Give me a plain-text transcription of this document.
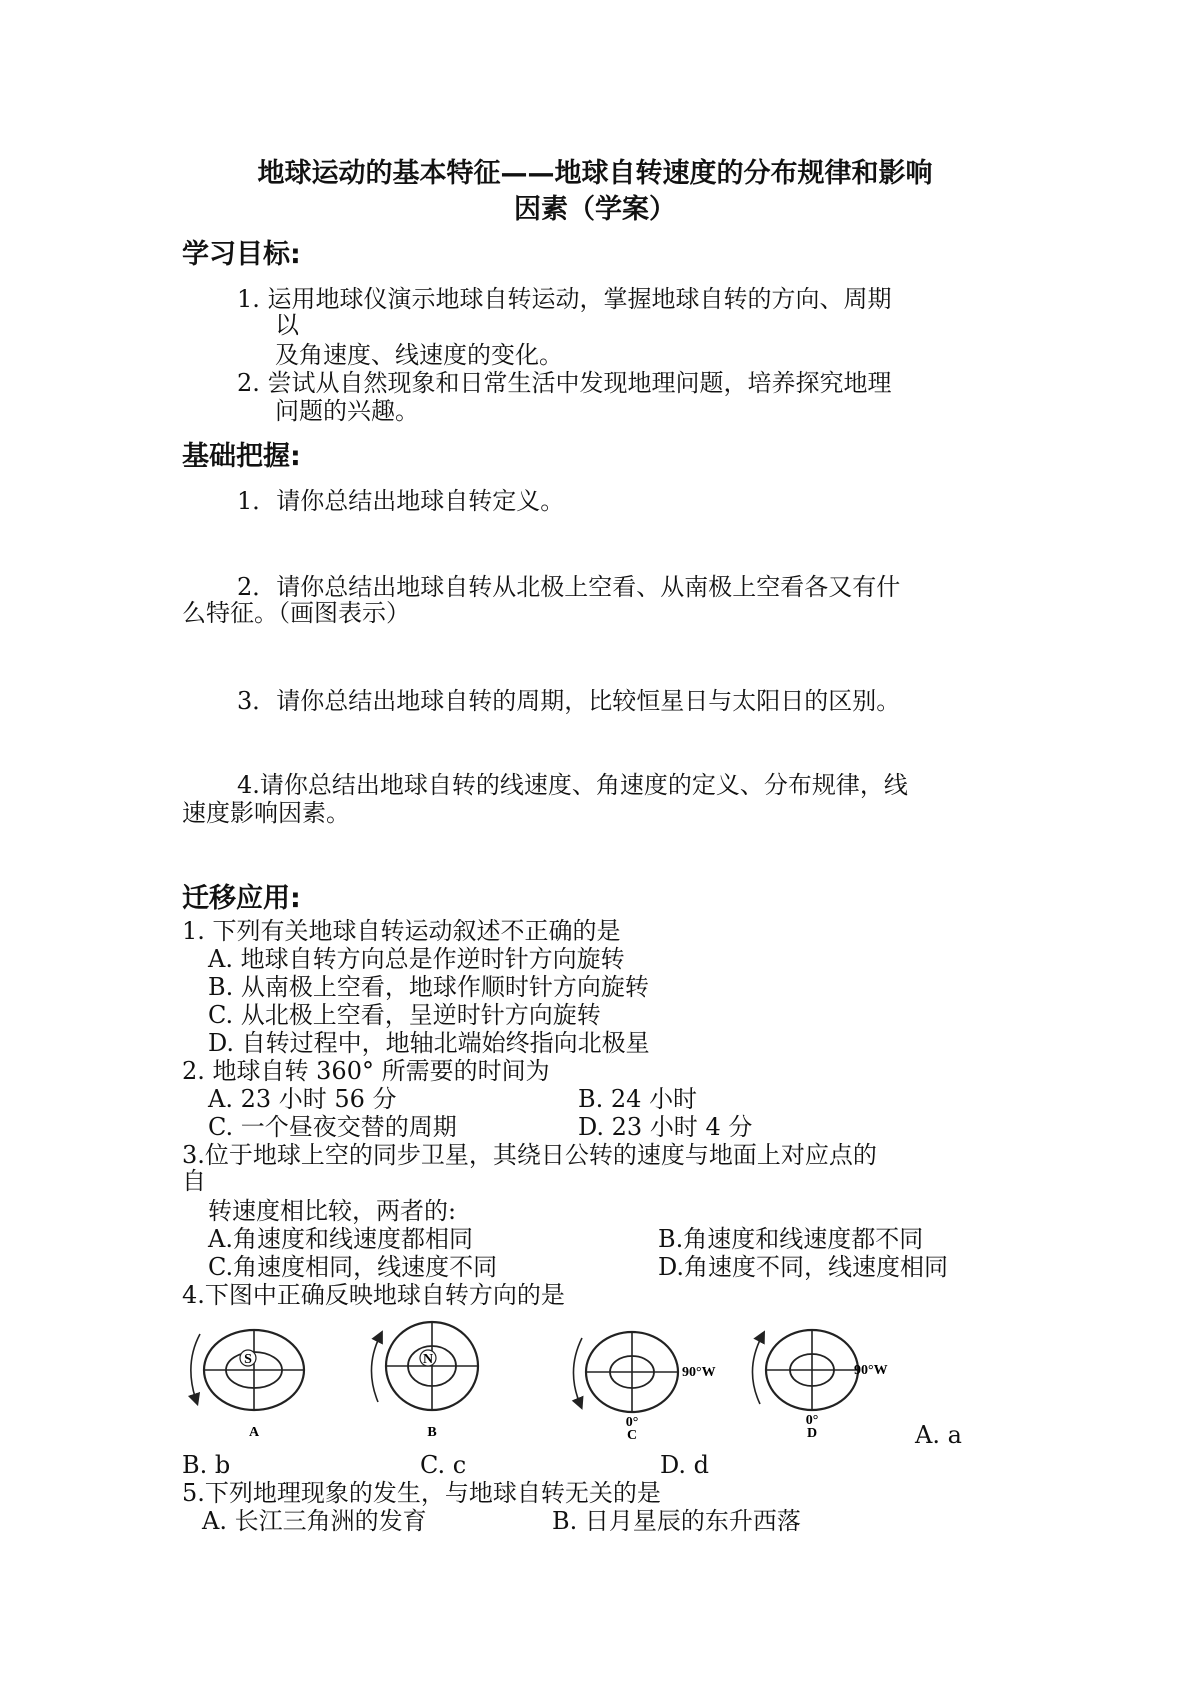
地球运动的基本特征——地球自转速度的分布规律和影响
因素（学案）
学习目标:
1. 运用地球仪演示地球自转运动，掌握地球自转的方向、周期
以
及角速度、线速度的变化。
2. 尝试从自然现象和日常生活中发现地理问题，培养探究地理
问题的兴趣。
基础把握:
1．请你总结出地球自转定义。
2．请你总结出地球自转从北极上空看、从南极上空看各又有什
么特征。（画图表示）
3．请你总结出地球自转的周期，比较恒星日与太阳日的区别。
4.请你总结出地球自转的线速度、角速度的定义、分布规律，线
速度影响因素。
迁移应用:
1. 下列有关地球自转运动叙述不正确的是
A. 地球自转方向总是作逆时针方向旋转
B. 从南极上空看，地球作顺时针方向旋转
C. 从北极上空看，呈逆时针方向旋转
D. 自转过程中，地轴北端始终指向北极星
2. 地球自转 360° 所需要的时间为
A. 23 小时 56 分	B. 24 小时
C. 一个昼夜交替的周期	D. 23 小时 4 分
3.位于地球上空的同步卫星，其绕日公转的速度与地面上对应点的
自
转速度相比较，两者的:
A.角速度和线速度都相同	B.角速度和线速度都不同
C.角速度相同，线速度不同	D.角速度不同，线速度相同
4.下图中正确反映地球自转方向的是
S
A
N
B
90°W
0°
C
90°W
0°
D	A. a
B. b	C. c	D. d
5.下列地理现象的发生，与地球自转无关的是
A. 长江三角洲的发育	B. 日月星辰的东升西落
